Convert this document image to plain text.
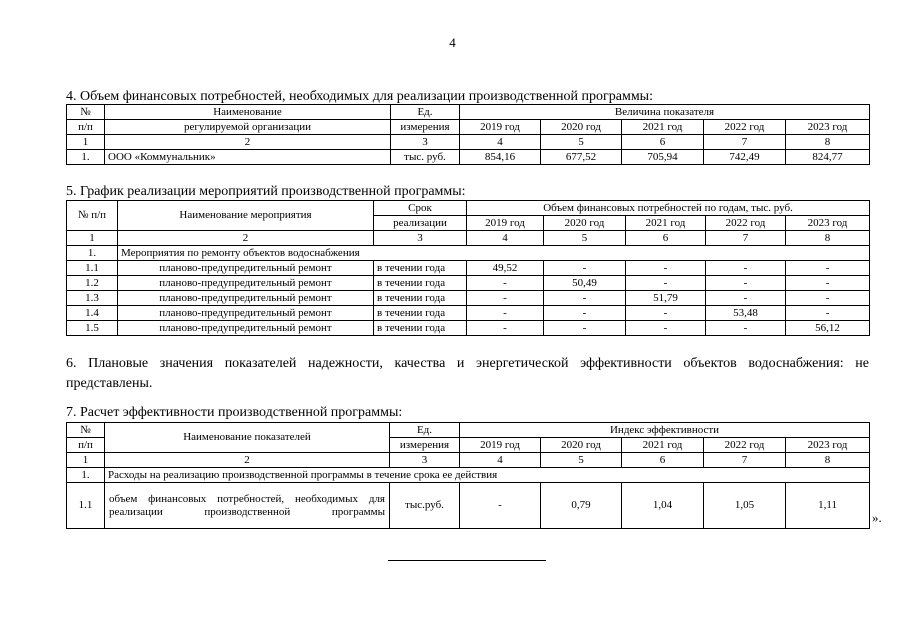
4
4. Объем финансовых потребностей, необходимых для реализации производственной программы:
№	Наименование	Ед.	Величина показателя				
п/п	регулируемой организации	измерения	2019 год	2020 год	2021 год	2022 год	2023 год
1	2	3	4	5	6	7	8
1.	ООО «Коммунальник»	тыс. руб.	854,16	677,52	705,94	742,49	824,77
5. График реализации мероприятий производственной программы:
№ п/п	Наименование мероприятия	Срок	Объем финансовых потребностей по годам, тыс. руб.				
		реализации	2019 год	2020 год	2021 год	2022 год	2023 год
1	2	3	4	5	6	7	8
1.	Мероприятия по ремонту объектов водоснабжения						
1.1	планово-предупредительный ремонт	в течении года	49,52	-	-	-	-
1.2	планово-предупредительный ремонт	в течении года	-	50,49	-	-	-
1.3	планово-предупредительный ремонт	в течении года	-	-	51,79	-	-
1.4	планово-предупредительный ремонт	в течении года	-	-	-	53,48	-
1.5	планово-предупредительный ремонт	в течении года	-	-	-	-	56,12
6. Плановые значения показателей надежности, качества и энергетической эффективности объектов водоснабжения: не представлены.
7. Расчет эффективности производственной программы:
№	Наименование показателей	Ед.	Индекс эффективности				
п/п		измерения	2019 год	2020 год	2021 год	2022 год	2023 год
1	2	3	4	5	6	7	8
1.	Расходы на реализацию производственной программы в течение срока ее действия						
1.1	объем финансовых потребностей, необходимых для реализации производственной программы	тыс.руб.	-	0,79	1,04	1,05	1,11
».
